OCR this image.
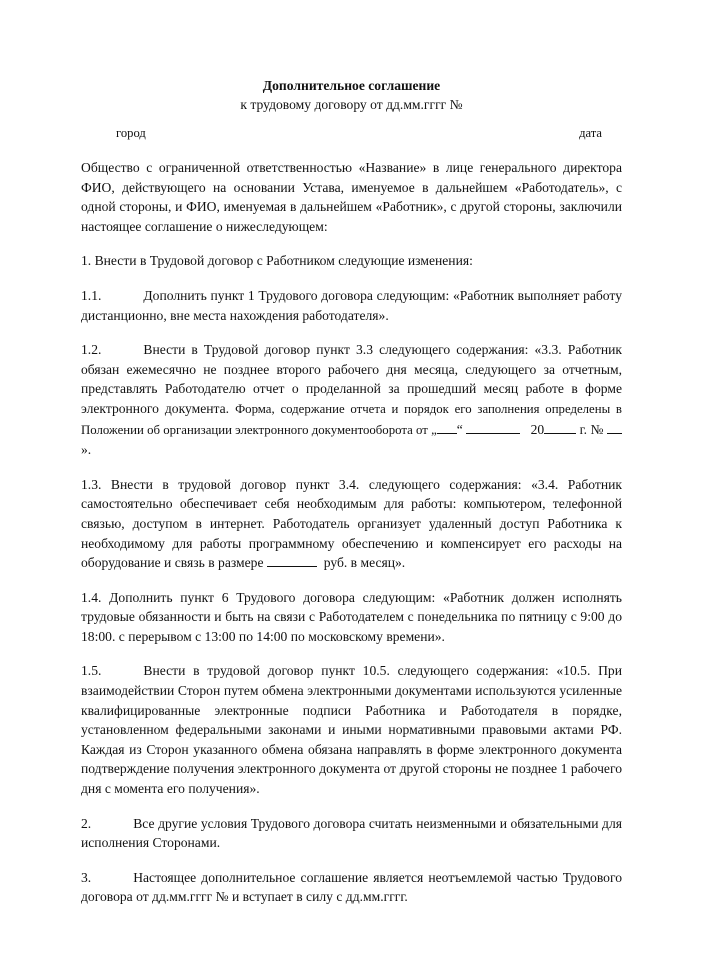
Дополнительное соглашение
к трудовому договору от дд.мм.гггг №
город	дата

Общество с ограниченной ответственностью «Название» в лице генерального директора ФИО, действующего на основании Устава, именуемое в дальнейшем «Работодатель», с одной стороны, и ФИО, именуемая в дальнейшем «Работник», с другой стороны, заключили настоящее соглашение о нижеследующем:

1. Внести в Трудовой договор с Работником следующие изменения:

1.1.	Дополнить пункт 1 Трудового договора следующим: «Работник выполняет работу дистанционно, вне места нахождения работодателя».

1.2.	Внести в Трудовой договор пункт 3.3 следующего содержания: «3.3. Работник обязан ежемесячно не позднее второго рабочего дня месяца, следующего за отчетным, представлять Работодателю отчет о проделанной за прошедший месяц работе в форме электронного документа. Форма, содержание отчета и порядок его заполнения определены в Положении об организации электронного документооборота от „ “	20	г. №  ».

1.3. Внести в трудовой договор пункт 3.4. следующего содержания: «3.4. Работник самостоятельно обеспечивает себя необходимым для работы: компьютером, телефонной связью, доступом в интернет. Работодатель организует удаленный доступ Работника к необходимому для работы программному обеспечению и компенсирует его расходы на оборудование и связь в размере	руб. в месяц».

1.4. Дополнить пункт 6 Трудового договора следующим: «Работник должен исполнять трудовые обязанности и быть на связи с Работодателем с понедельника по пятницу с 9:00 до 18:00. с перерывом с 13:00 по 14:00 по московскому времени».

1.5.	Внести в трудовой договор пункт 10.5. следующего содержания: «10.5. При взаимодействии Сторон путем обмена электронными документами используются усиленные квалифицированные электронные подписи Работника и Работодателя в порядке, установленном федеральными законами и иными нормативными правовыми актами РФ. Каждая из Сторон указанного обмена обязана направлять в форме электронного документа подтверждение получения электронного документа от другой стороны не позднее 1 рабочего дня с момента его получения».

2.	Все другие условия Трудового договора считать неизменными и обязательными для исполнения Сторонами.

3.	Настоящее дополнительное соглашение является неотъемлемой частью Трудового договора от дд.мм.гггг № и вступает в силу с дд.мм.гггг.
